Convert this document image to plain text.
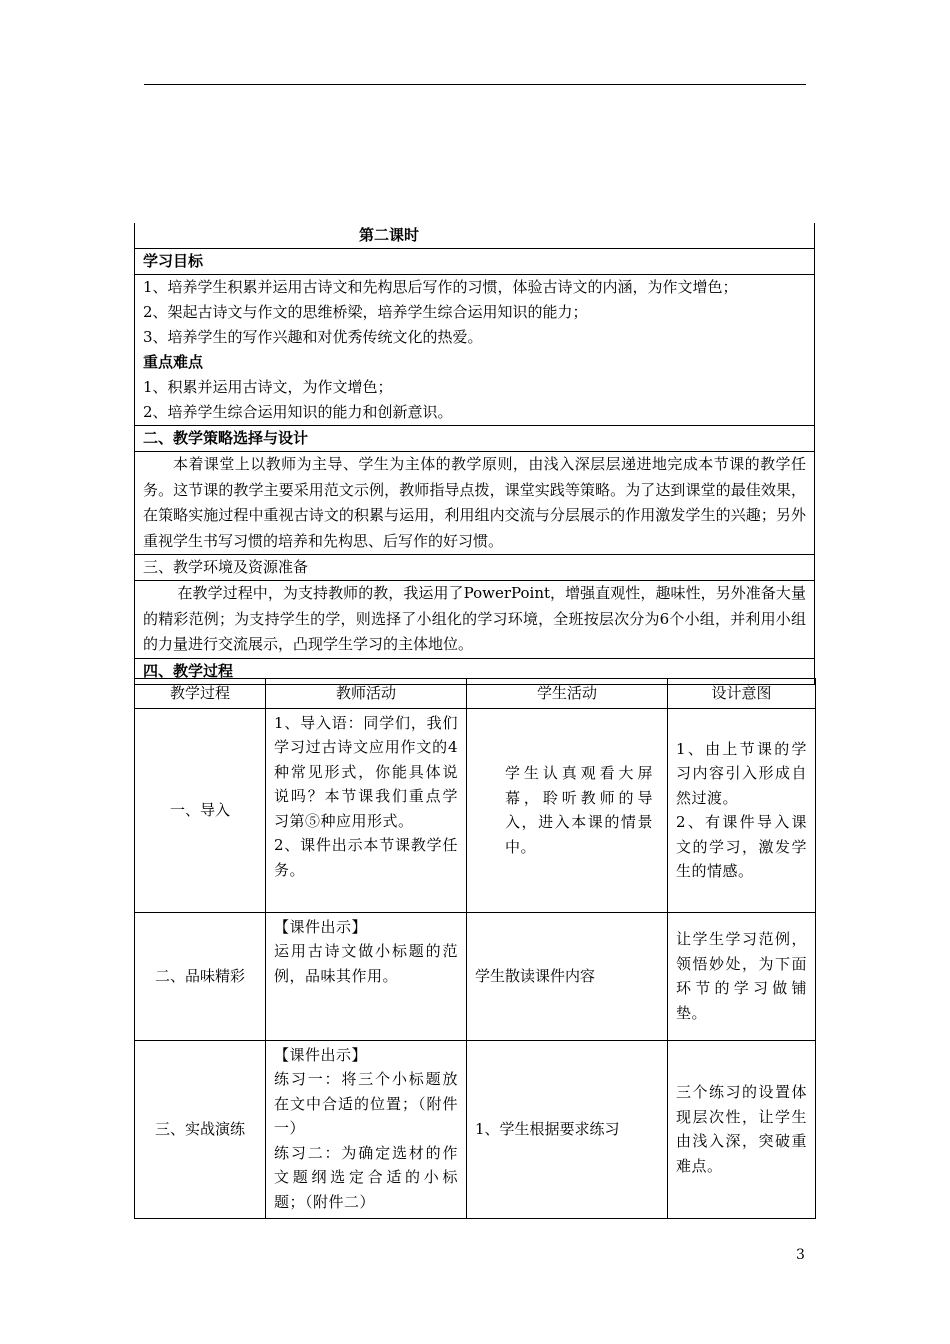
第二课时
学习目标
1、培养学生积累并运用古诗文和先构思后写作的习惯，体验古诗文的内涵，为作文增色；
2、架起古诗文与作文的思维桥梁，培养学生综合运用知识的能力；
3、培养学生的写作兴趣和对优秀传统文化的热爱。
重点难点
1、积累并运用古诗文，为作文增色；
2、培养学生综合运用知识的能力和创新意识。
二、教学策略选择与设计
本着课堂上以教师为主导、学生为主体的教学原则，由浅入深层层递进地完成本节课的教学任务。这节课的教学主要采用范文示例，教师指导点拨，课堂实践等策略。为了达到课堂的最佳效果，在策略实施过程中重视古诗文的积累与运用，利用组内交流与分层展示的作用激发学生的兴趣；另外重视学生书写习惯的培养和先构思、后写作的好习惯。
三、教学环境及资源准备
在教学过程中，为支持教师的教，我运用了PowerPoint，增强直观性，趣味性，另外准备大量的精彩范例；为支持学生的学，则选择了小组化的学习环境，全班按层次分为6个小组，并利用小组的力量进行交流展示，凸现学生学习的主体地位。
四、教学过程
教学过程	教师活动	学生活动	设计意图
一、导入	1、导入语：同学们，我们学习过古诗文应用作文的4种常见形式，你能具体说说吗？本节课我们重点学习第⑤种应用形式。
2、课件出示本节课教学任务。	学生认真观看大屏幕，聆听教师的导入，进入本课的情景中。	1、由上节课的学习内容引入形成自然过渡。
2、有课件导入课文的学习，激发学生的情感。

二、品味精彩	【课件出示】
运用古诗文做小标题的范例，品味其作用。	学生散读课件内容	让学生学习范例，领悟妙处，为下面环节的学习做铺垫。

三、实战演练	【课件出示】
练习一：将三个小标题放在文中合适的位置；（附件一）
练习二：为确定选材的作文题纲选定合适的小标题；（附件二）	1、学生根据要求练习	三个练习的设置体现层次性，让学生由浅入深，突破重难点。
3
